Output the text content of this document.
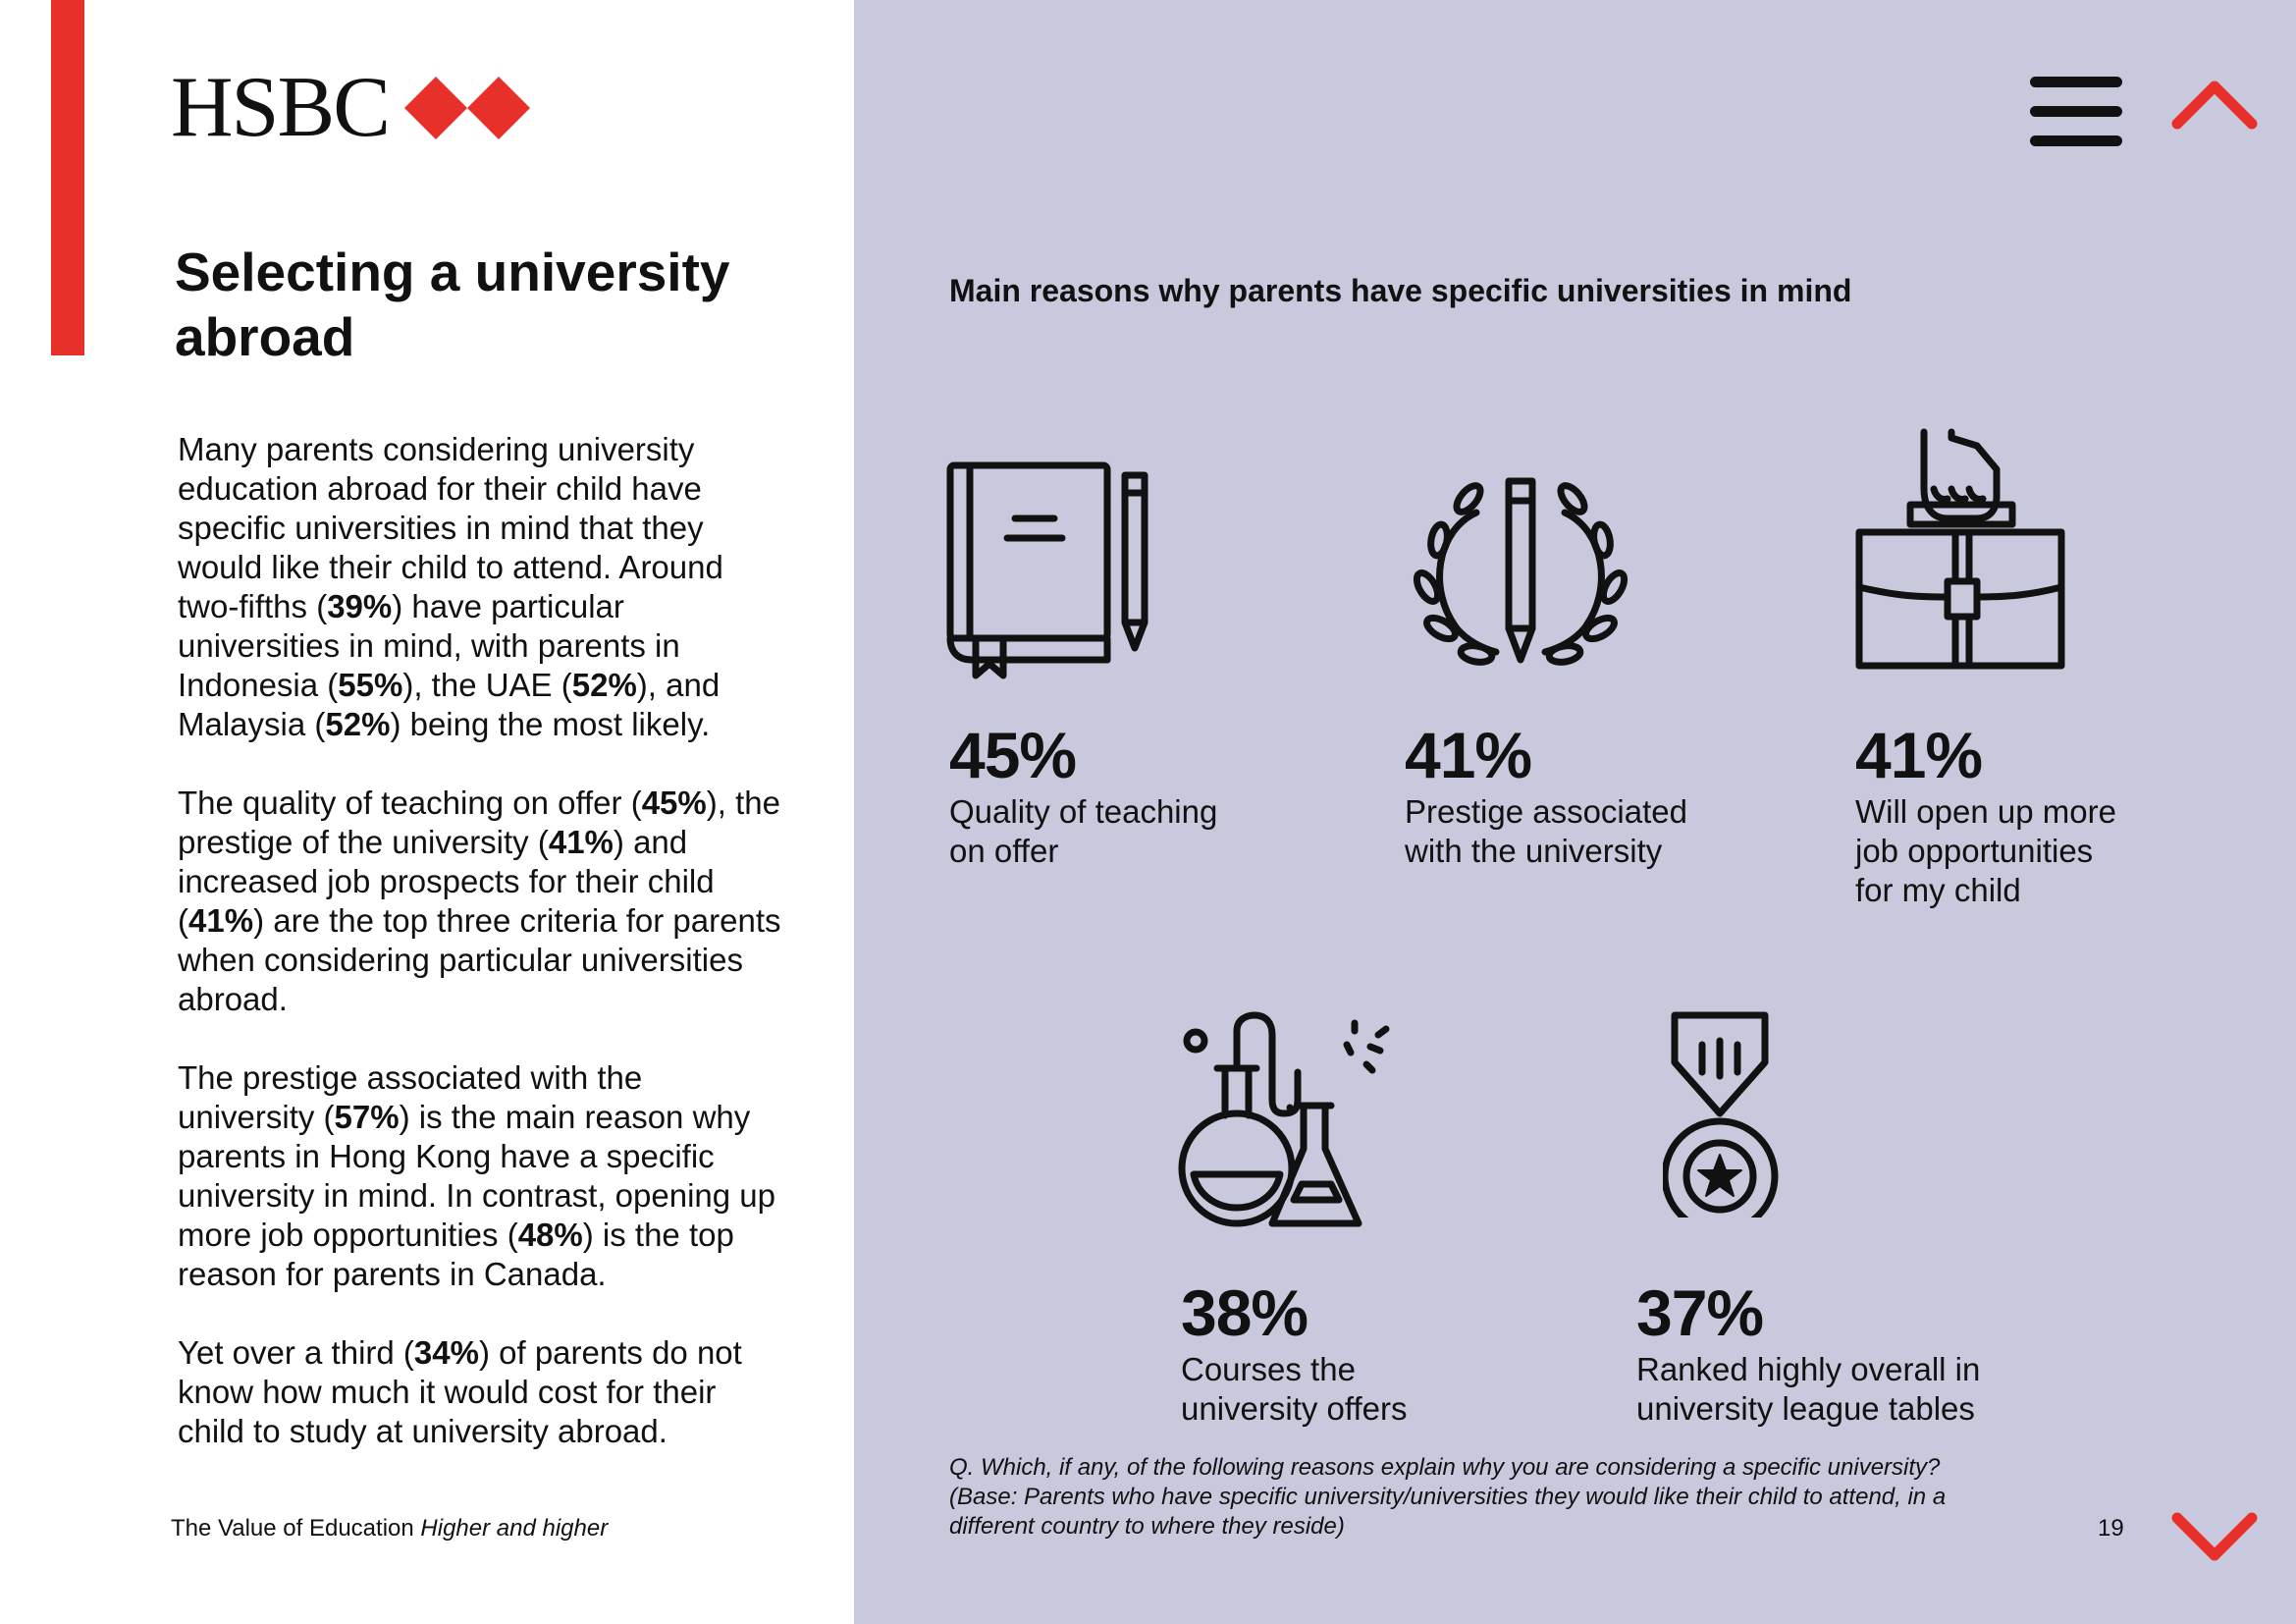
HSBC
Selecting a university abroad

Many parents considering university education abroad for their child have specific universities in mind that they would like their child to attend. Around two-fifths (39%) have particular universities in mind, with parents in Indonesia (55%), the UAE (52%), and Malaysia (52%) being the most likely.

The quality of teaching on offer (45%), the prestige of the university (41%) and increased job prospects for their child (41%) are the top three criteria for parents when considering particular universities abroad.

The prestige associated with the university (57%) is the main reason why parents in Hong Kong have a specific university in mind. In contrast, opening up more job opportunities (48%) is the top reason for parents in Canada.

Yet over a third (34%) of parents do not know how much it would cost for their child to study at university abroad.

The Value of Education Higher and higher
Main reasons why parents have specific universities in mind
45%
Quality of teaching
on offer
41%
Prestige associated
with the university
41%
Will open up more
job opportunities
for my child
38%
Courses the
university offers
37%
Ranked highly overall in
university league tables
Q. Which, if any, of the following reasons explain why you are considering a specific university?
(Base: Parents who have specific university/universities they would like their child to attend, in a
different country to where they reside)	19
